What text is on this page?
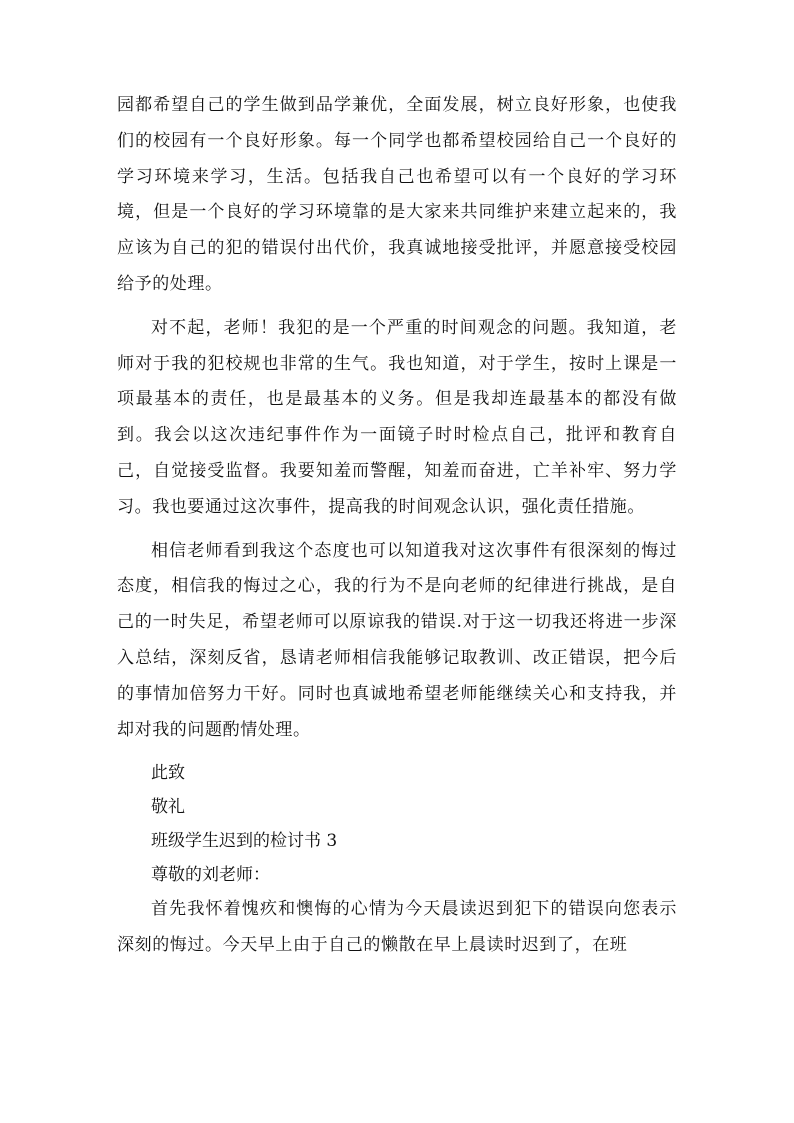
园都希望自己的学生做到品学兼优，全面发展，树立良好形象，也使我们的校园有一个良好形象。每一个同学也都希望校园给自己一个良好的学习环境来学习，生活。包括我自己也希望可以有一个良好的学习环境，但是一个良好的学习环境靠的是大家来共同维护来建立起来的，我应该为自己的犯的错误付出代价，我真诚地接受批评，并愿意接受校园给予的处理。

对不起，老师！我犯的是一个严重的时间观念的问题。我知道，老师对于我的犯校规也非常的生气。我也知道，对于学生，按时上课是一项最基本的责任，也是最基本的义务。但是我却连最基本的都没有做到。我会以这次违纪事件作为一面镜子时时检点自己，批评和教育自己，自觉接受监督。我要知羞而警醒，知羞而奋进，亡羊补牢、努力学习。我也要通过这次事件，提高我的时间观念认识，强化责任措施。

相信老师看到我这个态度也可以知道我对这次事件有很深刻的悔过态度，相信我的悔过之心，我的行为不是向老师的纪律进行挑战，是自己的一时失足，希望老师可以原谅我的错误.对于这一切我还将进一步深入总结，深刻反省，恳请老师相信我能够记取教训、改正错误，把今后的事情加倍努力干好。同时也真诚地希望老师能继续关心和支持我，并却对我的问题酌情处理。

此致

敬礼

班级学生迟到的检讨书 3

尊敬的刘老师：

首先我怀着愧疚和懊悔的心情为今天晨读迟到犯下的错误向您表示深刻的悔过。今天早上由于自己的懒散在早上晨读时迟到了，在班
